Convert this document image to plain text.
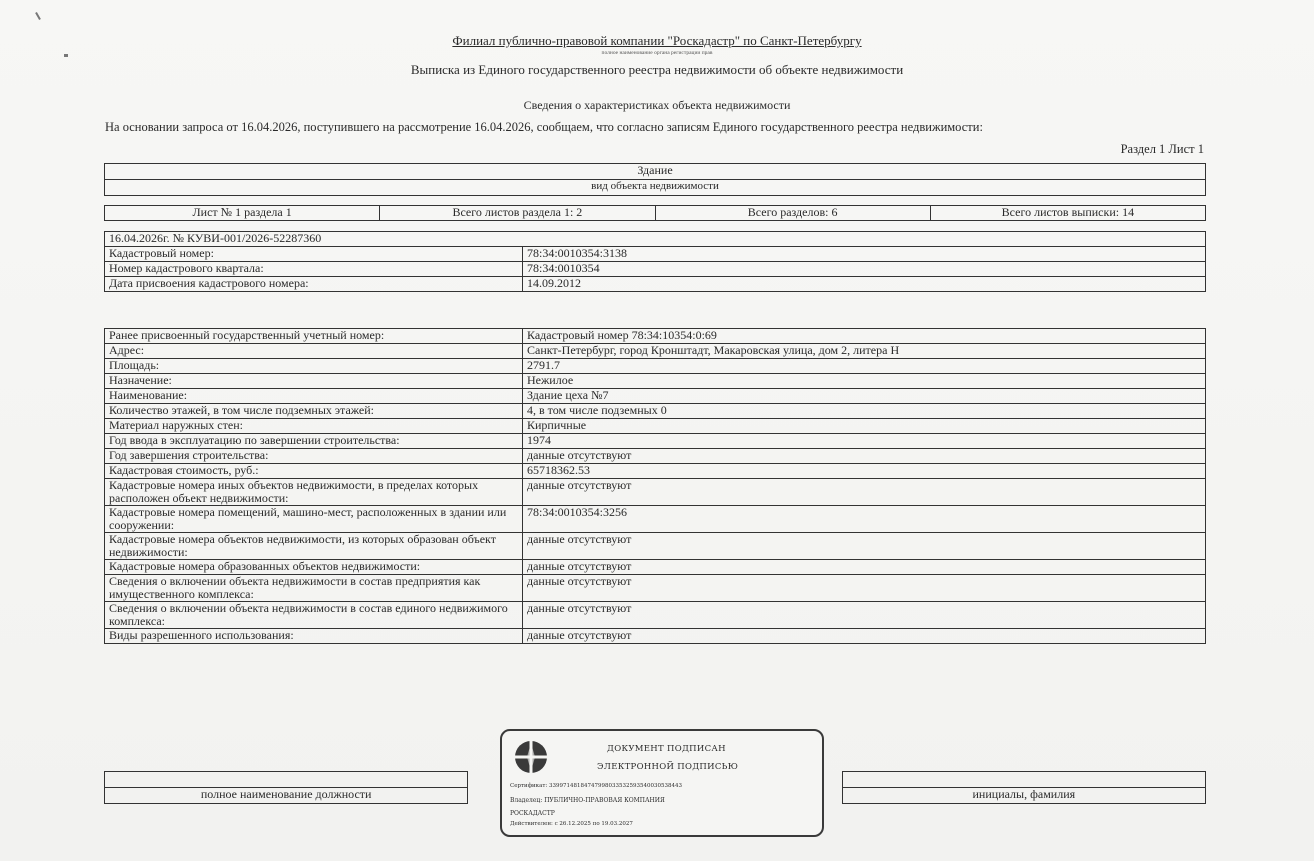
Филиал публично-правовой компании "Роскадастр" по Санкт-Петербургу
полное наименование органа регистрации прав
Выписка из Единого государственного реестра недвижимости об объекте недвижимости
Сведения о характеристиках объекта недвижимости
На основании запроса от 16.04.2026, поступившего на рассмотрение 16.04.2026, сообщаем, что согласно записям Единого государственного реестра недвижимости:
Раздел 1 Лист 1
Здание
вид объекта недвижимости
Лист № 1 раздела 1	Всего листов раздела 1: 2	Всего разделов: 6	Всего листов выписки: 14
16.04.2026г. № КУВИ-001/2026-52287360	
Кадастровый номер:	78:34:0010354:3138
Номер кадастрового квартала:	78:34:0010354
Дата присвоения кадастрового номера:	14.09.2012
Ранее присвоенный государственный учетный номер:	Кадастровый номер 78:34:10354:0:69
Адрес:	Санкт-Петербург, город Кронштадт, Макаровская улица, дом 2, литера Н
Площадь:	2791.7
Назначение:	Нежилое
Наименование:	Здание цеха №7
Количество этажей, в том числе подземных этажей:	4, в том числе подземных 0
Материал наружных стен:	Кирпичные
Год ввода в эксплуатацию по завершении строительства:	1974
Год завершения строительства:	данные отсутствуют
Кадастровая стоимость, руб.:	65718362.53
Кадастровые номера иных объектов недвижимости, в пределах которых расположен объект недвижимости:	данные отсутствуют
Кадастровые номера помещений, машино-мест, расположенных в здании или сооружении:	78:34:0010354:3256
Кадастровые номера объектов недвижимости, из которых образован объект недвижимости:	данные отсутствуют
Кадастровые номера образованных объектов недвижимости:	данные отсутствуют
Сведения о включении объекта недвижимости в состав предприятия как имущественного комплекса:	данные отсутствуют
Сведения о включении объекта недвижимости в состав единого недвижимого комплекса:	данные отсутствуют
Виды разрешенного использования:	данные отсутствуют

полное наименование должности		инициалы, фамилия
ДОКУМЕНТ ПОДПИСАН
ЭЛЕКТРОННОЙ ПОДПИСЬЮ
Сертификат: 33997148184747998033532593540030538443
Владелец: ПУБЛИЧНО-ПРАВОВАЯ КОМПАНИЯ
РОСКАДАСТР
Действителен: с 26.12.2025 по 19.03.2027
